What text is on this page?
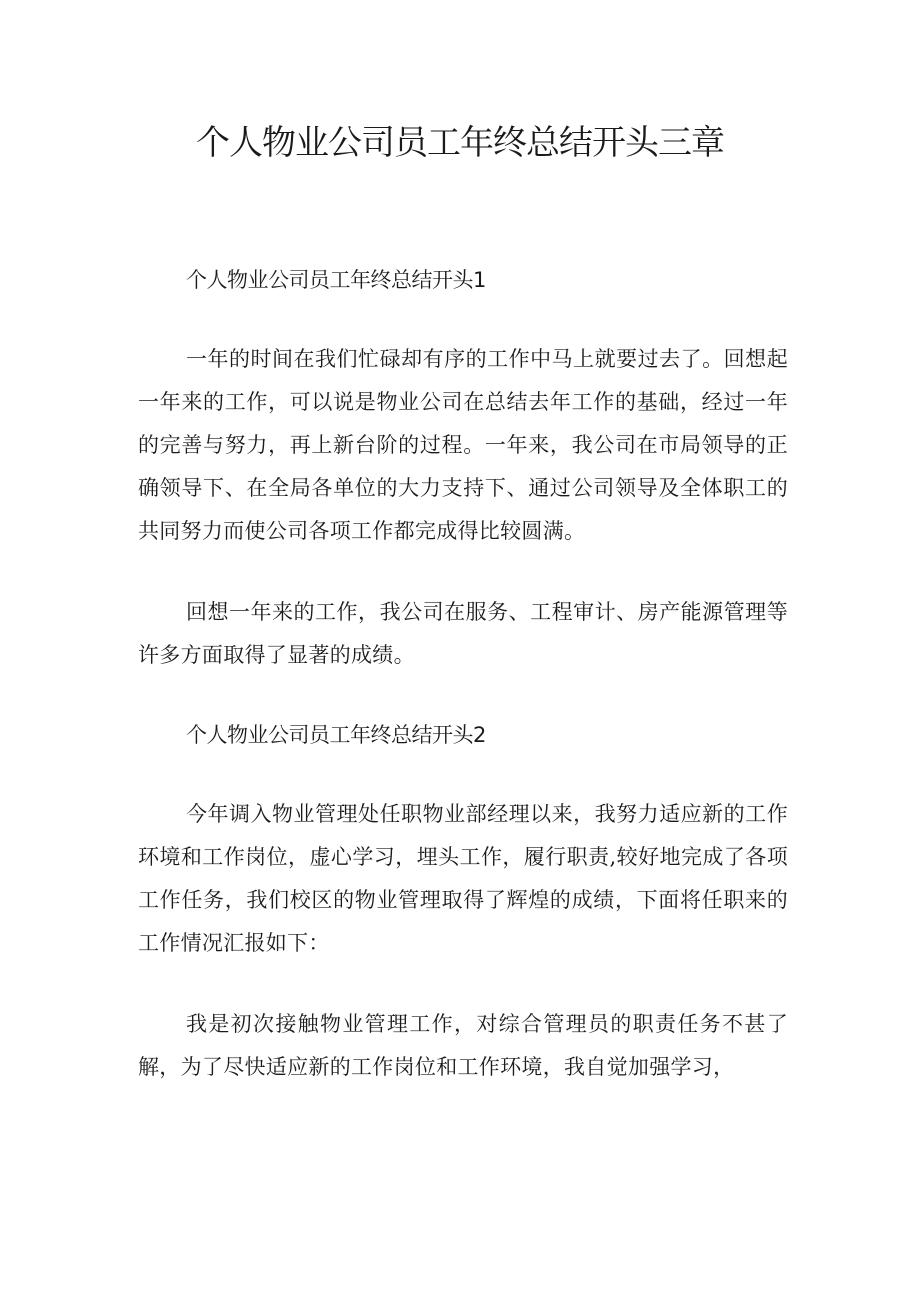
个人物业公司员工年终总结开头三章

个人物业公司员工年终总结开头1

一年的时间在我们忙碌却有序的工作中马上就要过去了。回想起一年来的工作，可以说是物业公司在总结去年工作的基础，经过一年的完善与努力，再上新台阶的过程。一年来，我公司在市局领导的正确领导下、在全局各单位的大力支持下、通过公司领导及全体职工的共同努力而使公司各项工作都完成得比较圆满。

回想一年来的工作，我公司在服务、工程审计、房产能源管理等许多方面取得了显著的成绩。

个人物业公司员工年终总结开头2

今年调入物业管理处任职物业部经理以来，我努力适应新的工作环境和工作岗位，虚心学习，埋头工作，履行职责,较好地完成了各项工作任务，我们校区的物业管理取得了辉煌的成绩，下面将任职来的工作情况汇报如下：

我是初次接触物业管理工作，对综合管理员的职责任务不甚了解，为了尽快适应新的工作岗位和工作环境，我自觉加强学习，
